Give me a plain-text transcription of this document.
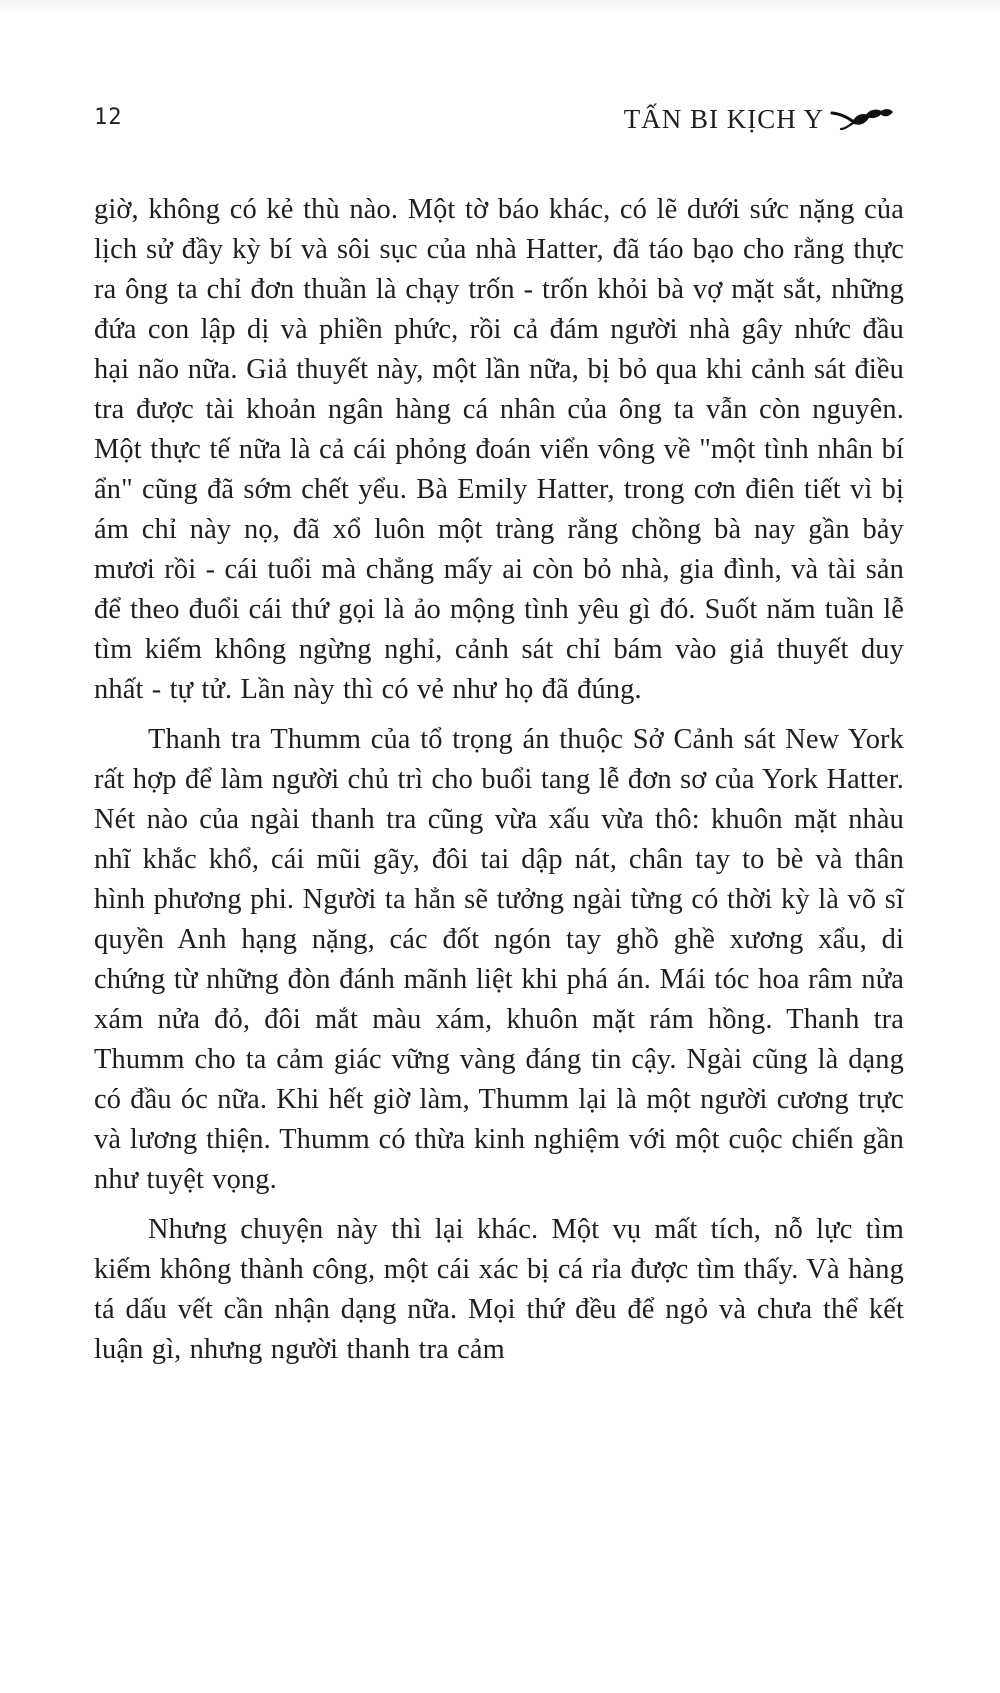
12	TẤN BI KỊCH Y

giờ, không có kẻ thù nào. Một tờ báo khác, có lẽ dưới sức nặng của lịch sử đầy kỳ bí và sôi sục của nhà Hatter, đã táo bạo cho rằng thực ra ông ta chỉ đơn thuần là chạy trốn - trốn khỏi bà vợ mặt sắt, những đứa con lập dị và phiền phức, rồi cả đám người nhà gây nhức đầu hại não nữa. Giả thuyết này, một lần nữa, bị bỏ qua khi cảnh sát điều tra được tài khoản ngân hàng cá nhân của ông ta vẫn còn nguyên. Một thực tế nữa là cả cái phỏng đoán viển vông về "một tình nhân bí ẩn" cũng đã sớm chết yểu. Bà Emily Hatter, trong cơn điên tiết vì bị ám chỉ này nọ, đã xổ luôn một tràng rằng chồng bà nay gần bảy mươi rồi - cái tuổi mà chẳng mấy ai còn bỏ nhà, gia đình, và tài sản để theo đuổi cái thứ gọi là ảo mộng tình yêu gì đó. Suốt năm tuần lễ tìm kiếm không ngừng nghỉ, cảnh sát chỉ bám vào giả thuyết duy nhất - tự tử. Lần này thì có vẻ như họ đã đúng.

Thanh tra Thumm của tổ trọng án thuộc Sở Cảnh sát New York rất hợp để làm người chủ trì cho buổi tang lễ đơn sơ của York Hatter. Nét nào của ngài thanh tra cũng vừa xấu vừa thô: khuôn mặt nhàu nhĩ khắc khổ, cái mũi gãy, đôi tai dập nát, chân tay to bè và thân hình phương phi. Người ta hẳn sẽ tưởng ngài từng có thời kỳ là võ sĩ quyền Anh hạng nặng, các đốt ngón tay ghồ ghề xương xẩu, di chứng từ những đòn đánh mãnh liệt khi phá án. Mái tóc hoa râm nửa xám nửa đỏ, đôi mắt màu xám, khuôn mặt rám hồng. Thanh tra Thumm cho ta cảm giác vững vàng đáng tin cậy. Ngài cũng là dạng có đầu óc nữa. Khi hết giờ làm, Thumm lại là một người cương trực và lương thiện. Thumm có thừa kinh nghiệm với một cuộc chiến gần như tuyệt vọng.

Nhưng chuyện này thì lại khác. Một vụ mất tích, nỗ lực tìm kiếm không thành công, một cái xác bị cá rỉa được tìm thấy. Và hàng tá dấu vết cần nhận dạng nữa. Mọi thứ đều để ngỏ và chưa thể kết luận gì, nhưng người thanh tra cảm
